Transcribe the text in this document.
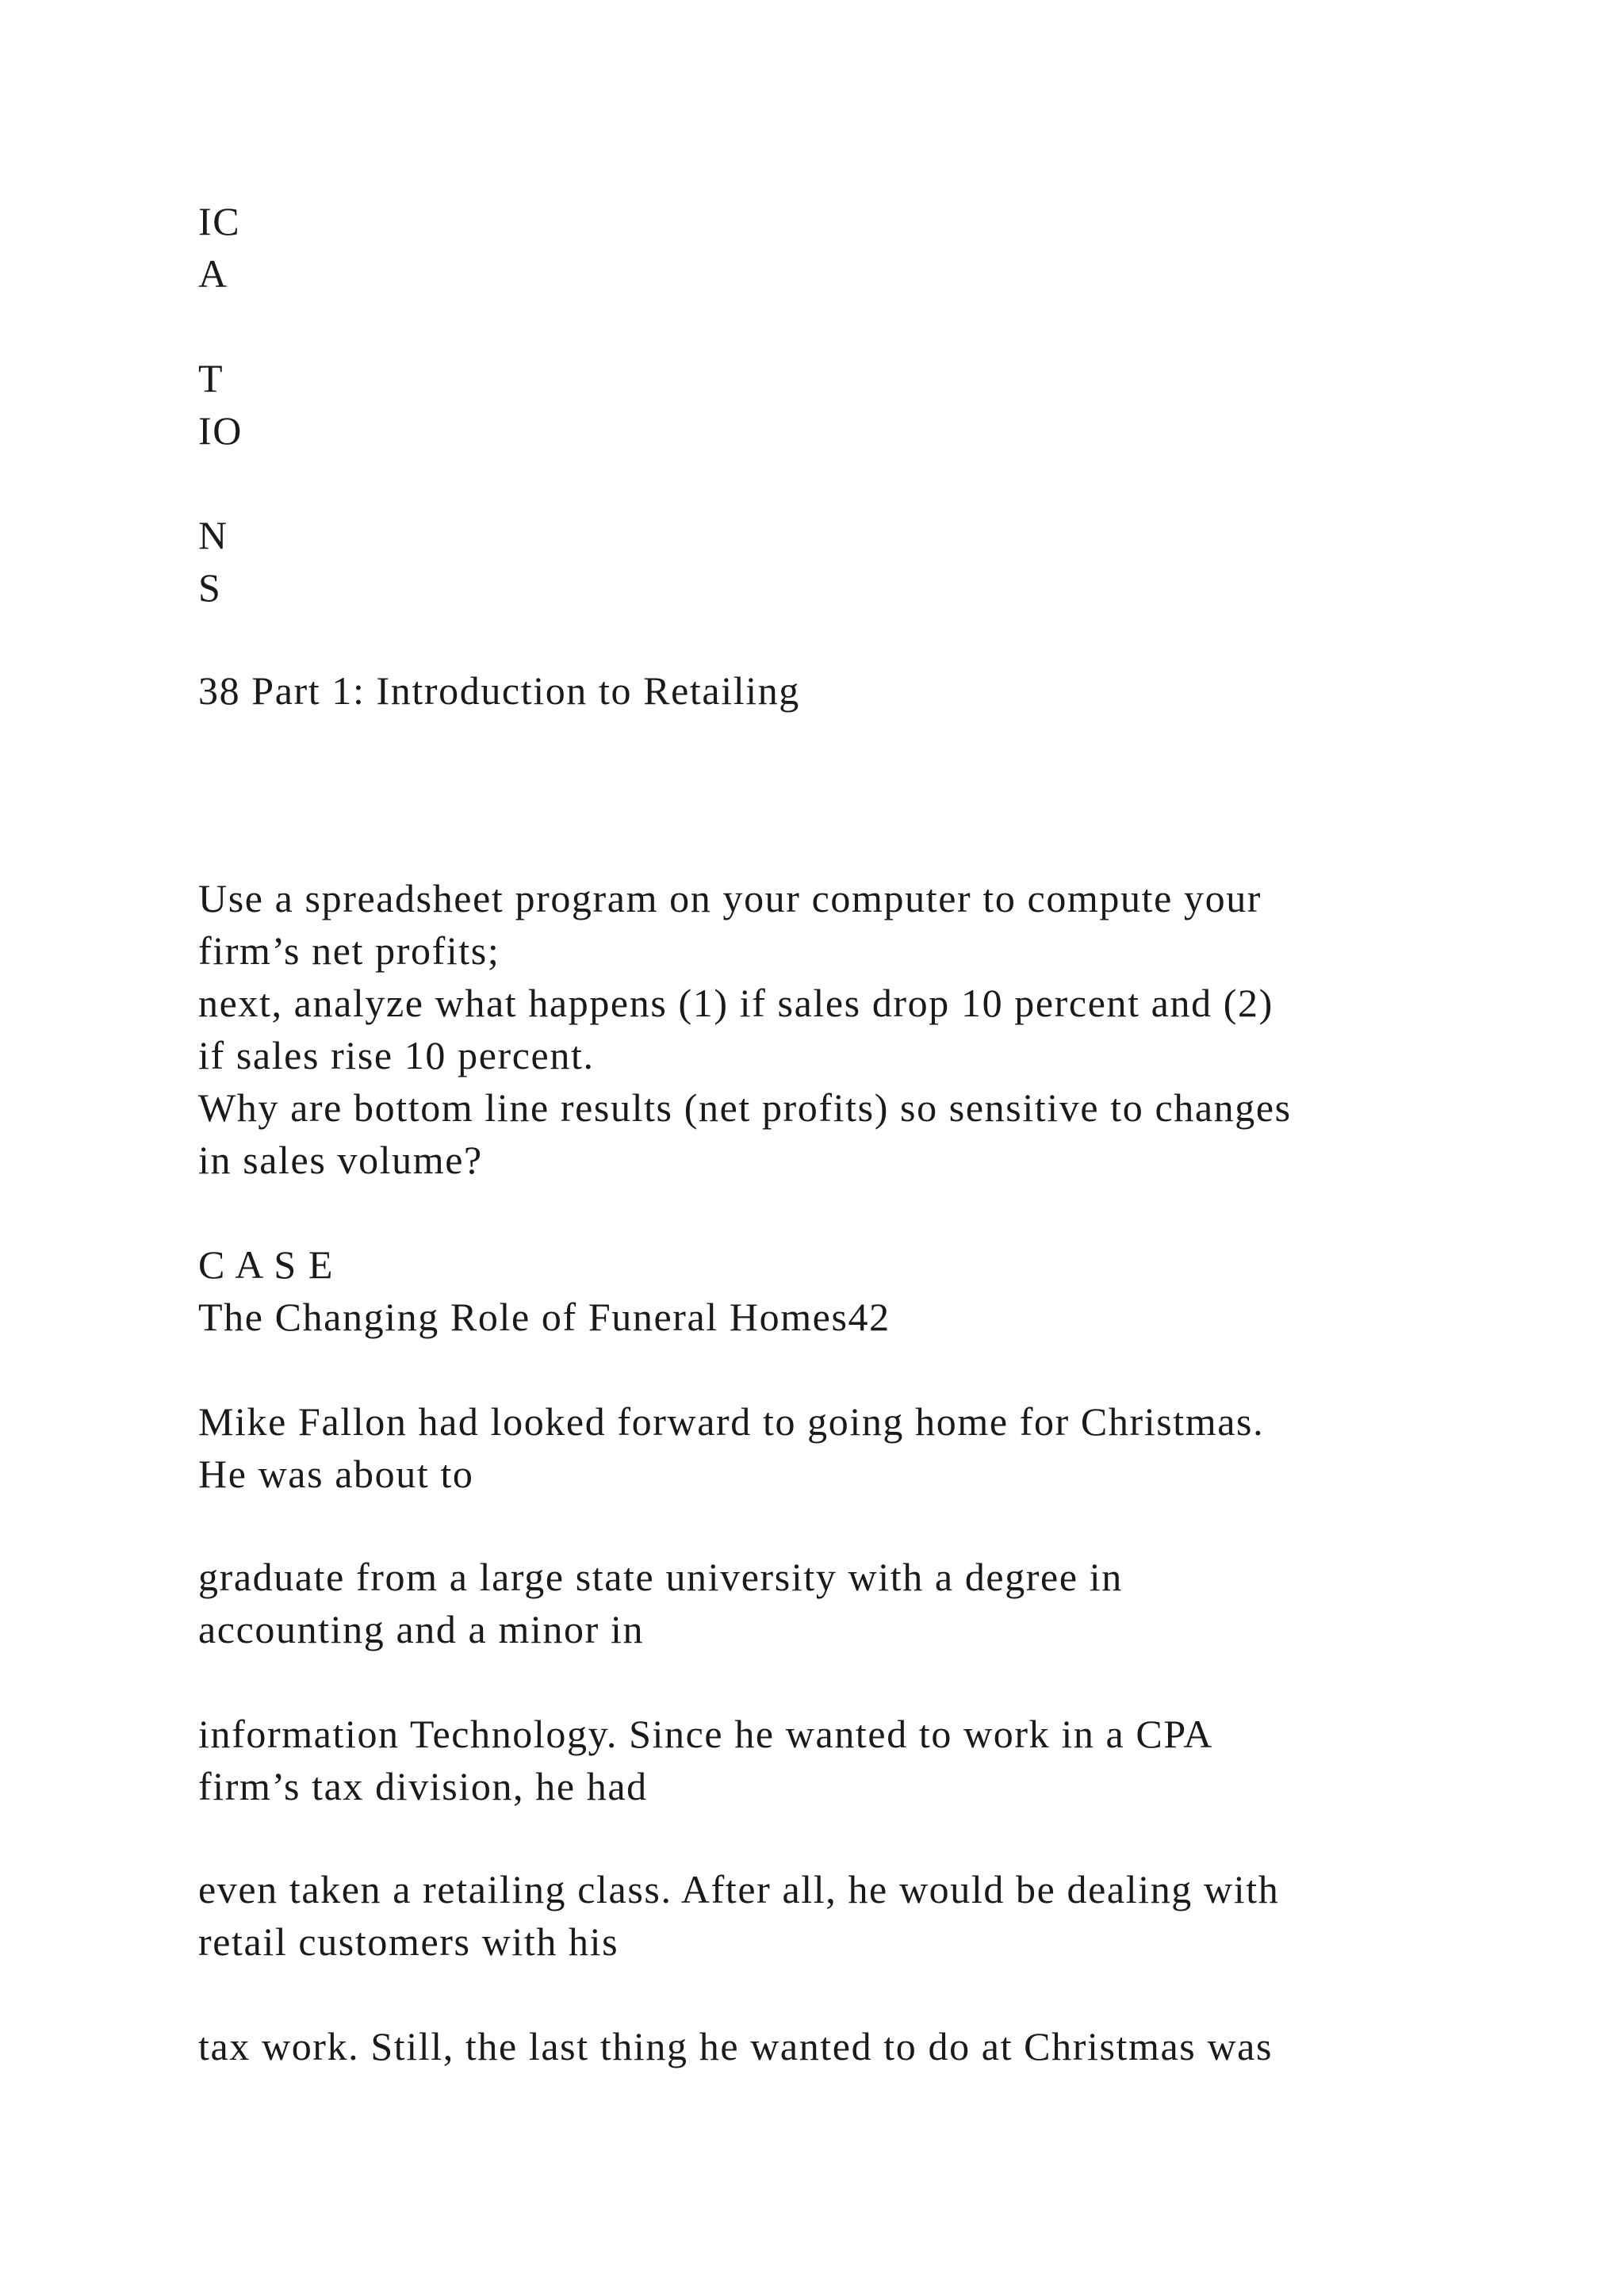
IC
A
T
IO
N
S
38 Part 1: Introduction to Retailing
Use a spreadsheet program on your computer to compute your
firm’s net profits;
next, analyze what happens (1) if sales drop 10 percent and (2)
if sales rise 10 percent.
Why are bottom line results (net profits) so sensitive to changes
in sales volume?
C A S E
The Changing Role of Funeral Homes42
Mike Fallon had looked forward to going home for Christmas.
He was about to
graduate from a large state university with a degree in
accounting and a minor in
information Technology. Since he wanted to work in a CPA
firm’s tax division, he had
even taken a retailing class. After all, he would be dealing with
retail customers with his
tax work. Still, the last thing he wanted to do at Christmas was
